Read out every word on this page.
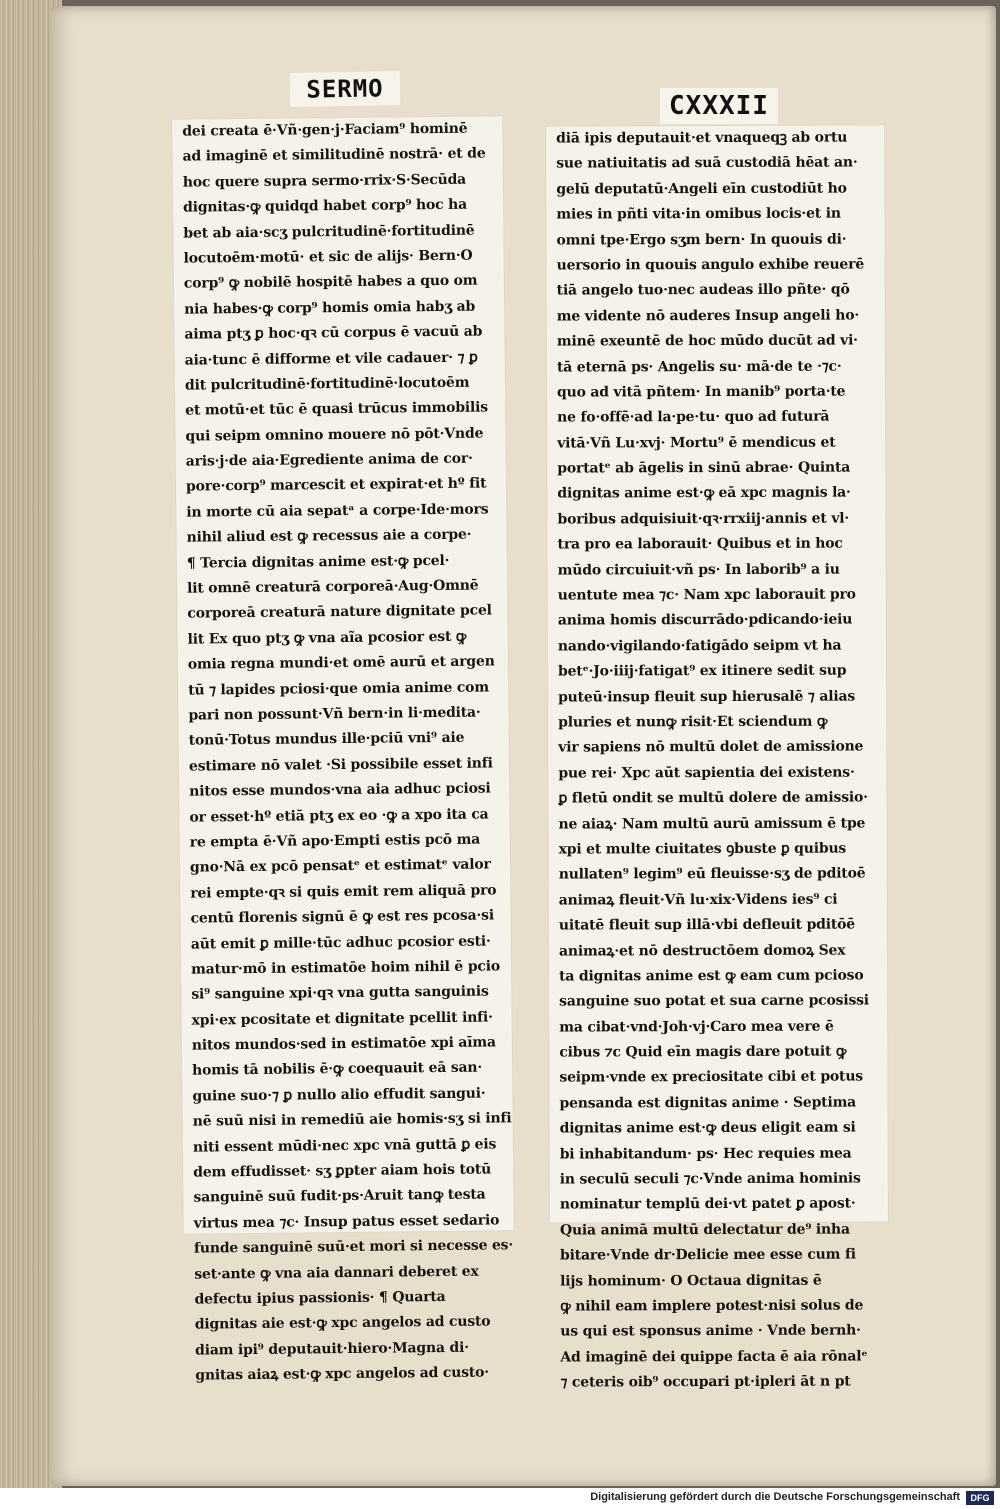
SERMO
CXXXII
dei creata ē·Vñ·gen·j·Faciam⁹ hominē
ad imaginē et similitudinē nostrā· et de
hoc quere supra sermo·rrix·S·Secūda
dignitas·ꝙ quidqd habet corp⁹ hoc ha
bet ab aia·scʒ pulcritudinē·fortitudinē
locutoēm·motū· et sic de alijs· Bern·O
corp⁹ ꝙ nobilē hospitē habes a quo om
nia habes·ꝙ corp⁹ homis omia habʒ ab
aima ptʒ ꝑ hoc·qꝛ cū corpus ē vacuū ab
aia·tunc ē difforme et vile cadauer· ⁊ ꝑ
dit pulcritudinē·fortitudinē·locutoēm
et motū·et tūc ē quasi trūcus immobilis
qui seipm omnino mouere nō pōt·Vnde
aris·j·de aia·Egredientе anima de cor·
pore·corp⁹ marcescit et expirat·et hº fit
in morte cū aia sepatᵃ a corpe·Ide·mors
nihil aliud est ꝙ recessus aie a corpe·
¶ Tercia dignitas anime est·ꝙ pcel·
lit omnē creaturā corporeā·Aug·Omnē
corporeā creaturā nature dignitate pcel
lit Ex quo ptʒ ꝙ vna aĩa pcosior est ꝙ
omia regna mundi·et omē aurū et argen
tū ⁊ lapides pciosi·que omia anime com
pari non possunt·Vñ bern·in li·medita·
tonū·Totus mundus ille·pciū vni⁹ aie
estimare nō valet ·Si possibile esset infi
nitos esse mundos·vna aia adhuc pciosi
or esset·hº etiā ptʒ ex eo ·ꝙ a xpo ita ca
re empta ē·Vñ apo·Empti estis pcō ma
gno·Nā ex pcō pensatᵉ et estimatᵉ valor
rei empte·qꝛ si quis emit rem aliquā pro
centū florenis signū ē ꝙ est res pcosa·si
aūt emit ꝑ mille·tūc adhuc pcosior esti·
matur·mō in estimatōe hoim nihil ē pcio
si⁹ sanguine xpi·qꝛ vna gutta sanguinis
xpi·ex pcositate et dignitate pcellit infi·
nitos mundos·sed in estimatōe xpi aīma
homis tā nobilis ē·ꝙ coequauit eā san·
guine suo·⁊ ꝑ nullo alio effudit sangui·
nē suū nisi in remediū aie homis·sʒ si infi
niti essent mūdi·nec xpc vnā guttā ꝑ eis
dem effudisset· sʒ ꝑpter aiam hois totū
sanguinē suū fudit·ps·Aruit tanꝙ testa
virtus mea ⁊c· Insup patus esset sedario
funde sanguinē suū·et mori si necesse es·
set·ante ꝙ vna aia dannari deberet ex
defectu ipius passionis· ¶ Quarta
dignitas aie est·ꝙ xpc angelos ad custo
diam ipi⁹ deputauit·hiero·Magna di·
gnitas aiaꝝ est·ꝙ xpc angelos ad custo·
diā ipis deputauit·et vnaqueqꝫ ab ortu
sue natiuitatis ad suā custodiā hēat an·
gelū deputatū·Angeli eīn custodiūt ho
mies in pñti vita·in omibus locis·et in
omni tpe·Ergo sʒm bern· In quouis di·
uersorio in quouis angulo exhibe reuerē
tiā angelo tuo·nec audeas illo pñte· qō
me vidente nō auderes Insup angeli ho·
minē exeuntē de hoc mūdo ducūt ad vi·
tā eternā ps· Angelis su· mā·de te ·⁊c·
quo ad vitā pñtem· In manib⁹ porta·te
ne fo·offē·ad la·pe·tu· quo ad futurā
vitā·Vñ Lu·xvj· Mortu⁹ ē mendicus et
portatᵉ ab āgelis in sinū abrae· Quinta
dignitas anime est·ꝙ eā xpc magnis la·
boribus adquisiuit·qꝛ·rrxiij·annis et vl·
tra pro ea laborauit· Quibus et in hoc
mūdo circuiuit·vñ ps· In laborib⁹ a iu
uentute mea ⁊c· Nam xpc laborauit pro
anima homis discurrādo·pdicando·ieiu
nando·vigilando·fatigādo seipm vt ha
betᵉ·Jo·iiij·fatigat⁹ ex itinere sedit sup
puteū·insup fleuit sup hierusalē ⁊ alias
pluries et nunꝙ risit·Et sciendum ꝙ
vir sapiens nō multū dolet de amissione
pue rei· Xpc aūt sapientia dei existens·
ꝑ fletū ondit se multū dolere de amissio·
ne aiaꝝ· Nam multū aurū amissum ē tpe
xpi et multe ciuitates ꝯbuste ꝑ quibus
nullaten⁹ legim⁹ eū fleuisse·sʒ de pditoē
animaꝝ fleuit·Vñ lu·xix·Videns ies⁹ ci
uitatē fleuit sup illā·vbi defleuit pditōē
animaꝝ·et nō destructōem domoꝝ Sex
ta dignitas anime est ꝙ eam cum pcioso
sanguine suo potat et sua carne pcosissi
ma cibat·vnd·Joh·vj·Caro mea vere ē
cibus ⁊c Quid eīn magis dare potuit ꝙ
seipm·vnde ex preciositate cibi et potus
pensanda est dignitas anime · Septima
dignitas anime est·ꝙ deus eligit eam si
bi inhabitandum· ps· Hec requies mea
in seculū seculi ⁊c·Vnde anima hominis
nominatur templū dei·vt patet ꝑ apost·
Quia animā multū delectatur de⁹ inha
bitare·Vnde dr·Delicie mee esse cum fi
lijs hominum· O Octaua dignitas ē
ꝙ nihil eam implere potest·nisi solus de
us qui est sponsus anime · Vnde bernh·
Ad imaginē dei quippe facta ē aia rōnalᵉ
⁊ ceteris oib⁹ occupari pt·ipleri āt n pt
Digitalisierung gefördert durch die Deutsche Forschungsgemeinschaft	DFG
